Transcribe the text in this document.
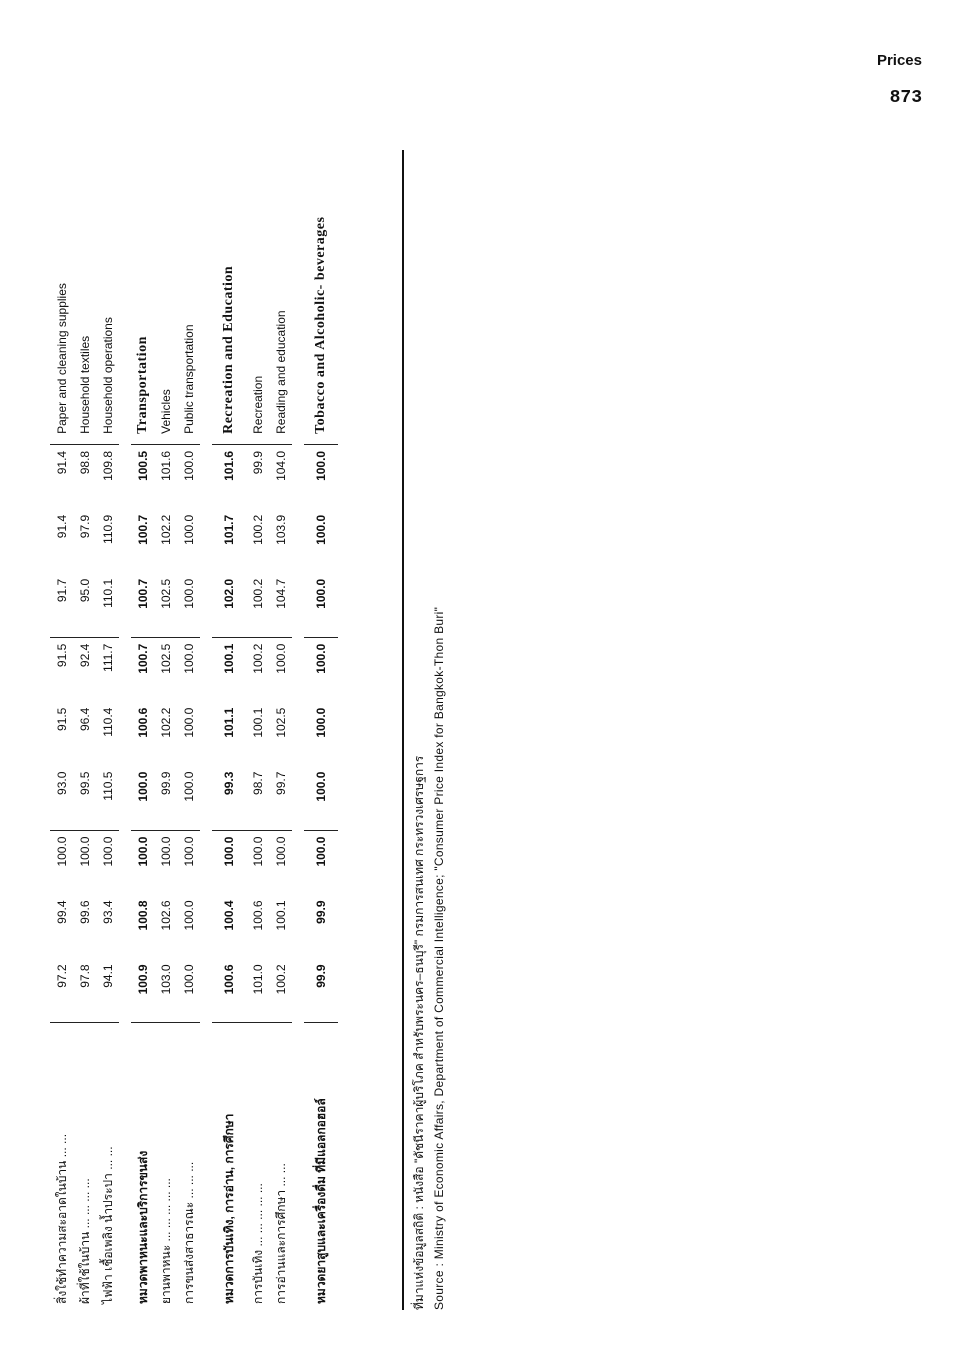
Prices
873
สิ่งใช้ทำความสะอาดในบ้าน ... ...	97.2	99.4	100.0	93.0	91.5	91.5	91.7	91.4	91.4	Paper and cleaning supplies
ผ้าที่ใช้ในบ้าน ... ... ... ...	97.8	99.6	100.0	99.5	96.4	92.4	95.0	97.9	98.8	Household textiles
ไฟฟ้า เชื้อเพลิง น้ำประปา ... ...	94.1	93.4	100.0	110.5	110.4	111.7	110.1	110.9	109.8	Household operations

หมวดพาหนะและบริการขนส่ง	100.9	100.8	100.0	100.0	100.6	100.7	100.7	100.7	100.5	Transportation
ยานพาหนะ ... ... ... ... ...	103.0	102.6	100.0	99.9	102.2	102.5	102.5	102.2	101.6	Vehicles
การขนส่งสาธารณะ ... ... ...	100.0	100.0	100.0	100.0	100.0	100.0	100.0	100.0	100.0	Public transportation

หมวดการบันเทิง, การอ่าน, การศึกษา	100.6	100.4	100.0	99.3	101.1	100.1	102.0	101.7	101.6	Recreation and Education
การบันเทิง ... ... ... ... ...	101.0	100.6	100.0	98.7	100.1	100.2	100.2	100.2	99.9	Recreation
การอ่านและการศึกษา ... ...	100.2	100.1	100.0	99.7	102.5	100.0	104.7	103.9	104.0	Reading and education

หมวดยาสูบและเครื่องดื่ม ที่มีแอลกอฮอล์	99.9	99.9	100.0	100.0	100.0	100.0	100.0	100.0	100.0	Tobacco and Alcoholic- beverages
ที่มาแห่งข้อมูลสถิติ : หนังสือ "ดัชนีราคาผู้บริโภค สำหรับพระนคร–ธนบุรี" กรมการสนเทศ กระทรวงเศรษฐการ Source : Ministry of Economic Affairs, Department of Commercial Intelligence; "Consumer Price Index for Bangkok-Thon Buri"
